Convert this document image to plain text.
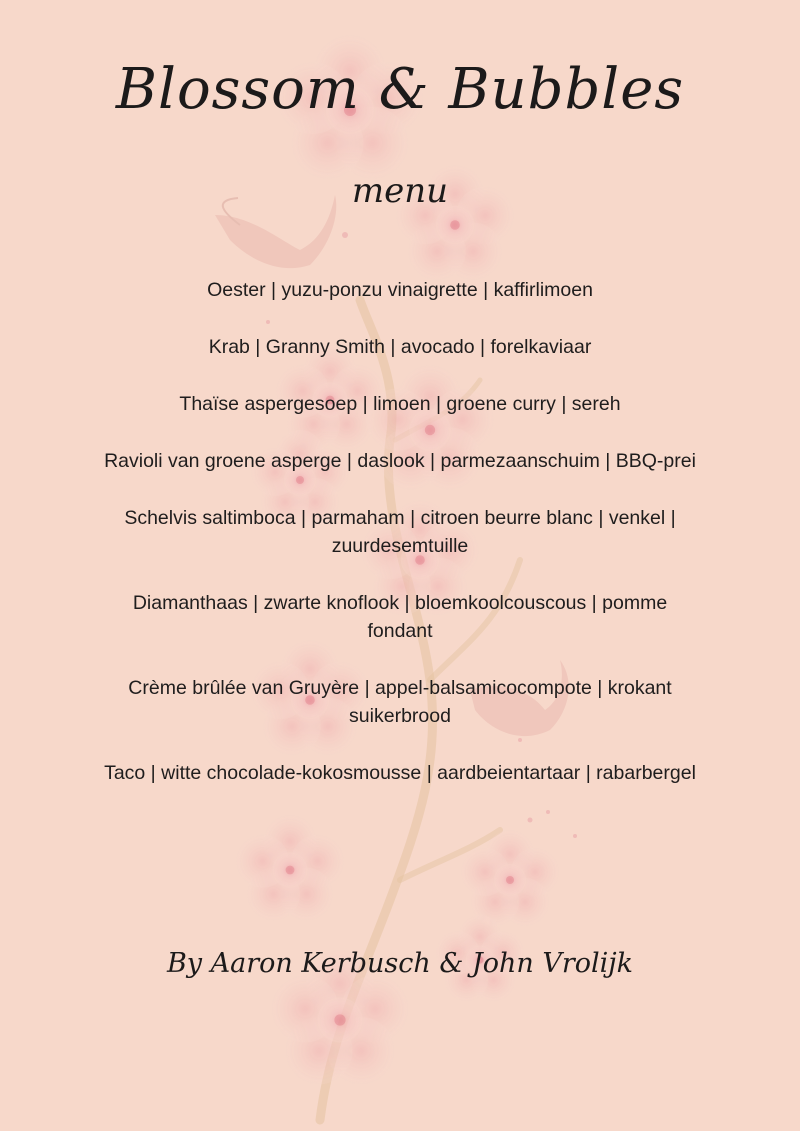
Blossom & Bubbles
menu
Oester | yuzu-ponzu vinaigrette | kaffirlimoen
Krab | Granny Smith | avocado | forelkaviaar
Thaïse aspergesoep | limoen | groene curry | sereh
Ravioli van groene asperge | daslook | parmezaanschuim | BBQ-prei
Schelvis saltimboca | parmaham | citroen beurre blanc | venkel | zuurdesemtuille
Diamanthaas | zwarte knoflook | bloemkoolcouscous | pomme fondant
Crème brûlée van Gruyère | appel-balsamicocompote | krokant suikerbrood
Taco | witte chocolade-kokosmousse | aardbeientartaar | rabarbergel
By Aaron Kerbusch & John Vrolijk
